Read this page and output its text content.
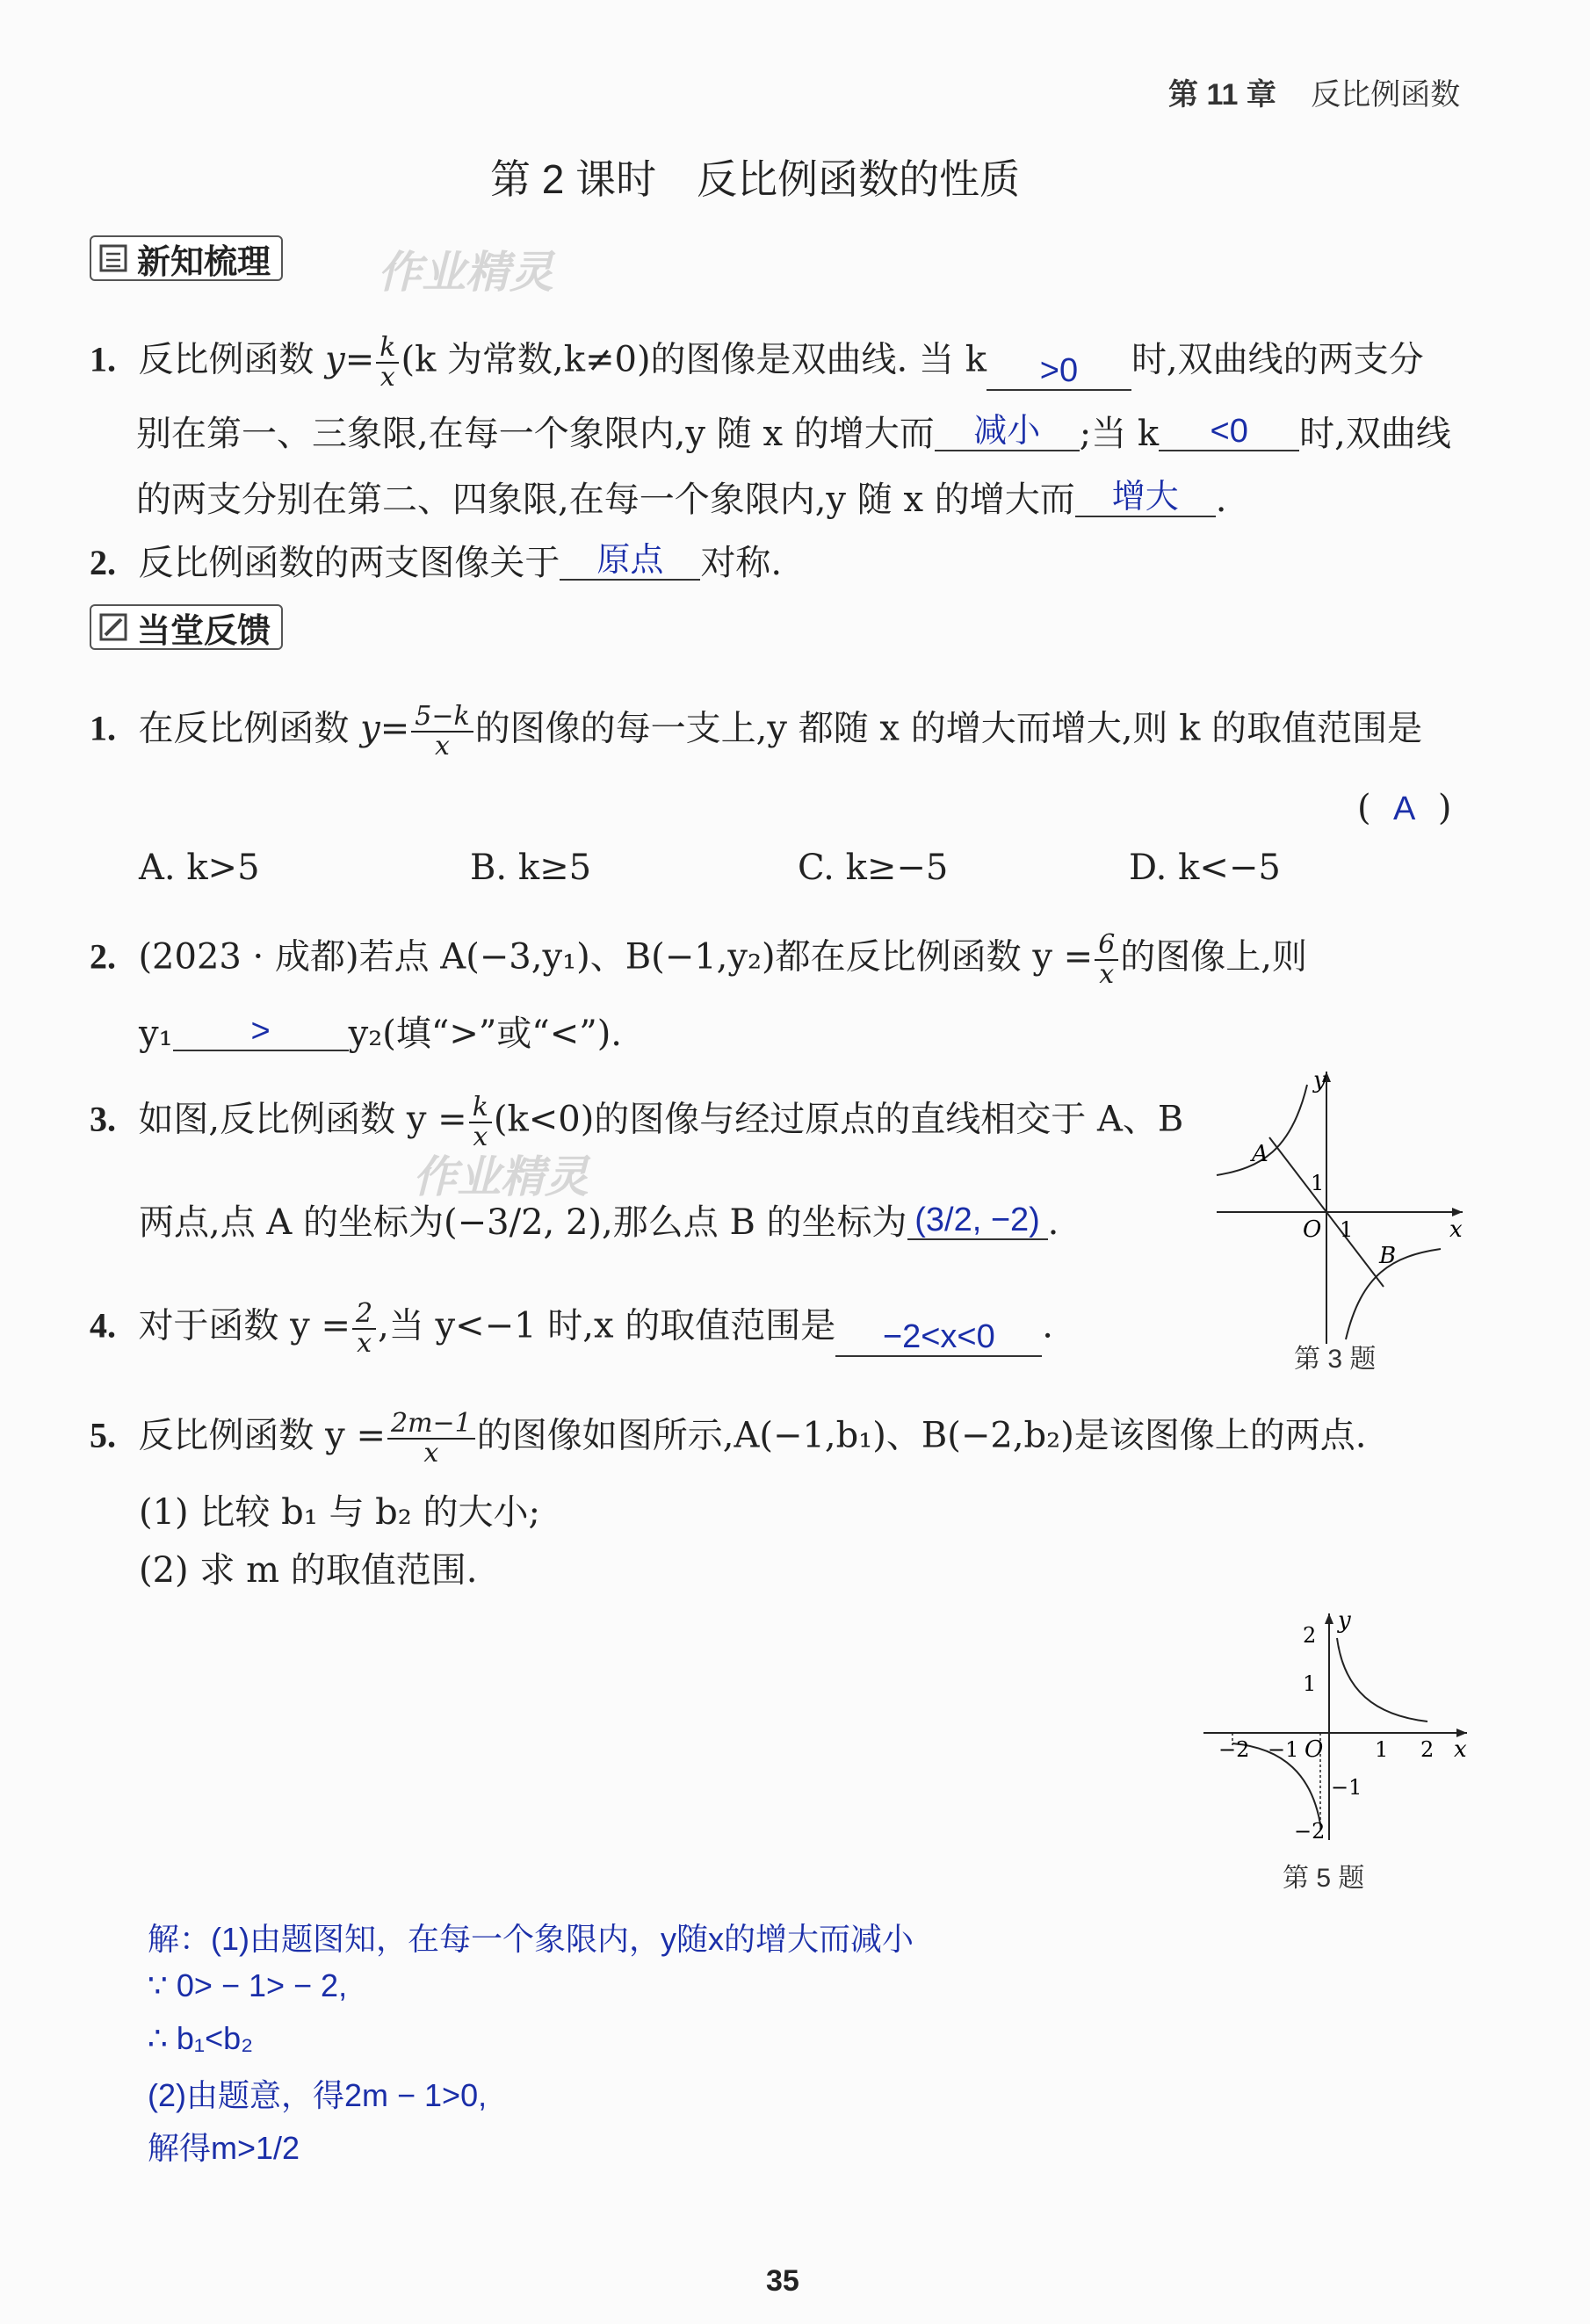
第 11 章 反比例函数
第 2 课时　反比例函数的性质
新知梳理 作业精灵
1. 反比例函数 $y= \frac{k}{x} (k$ 为常数,k≠0)的图像是双曲线. 当 k >0 时,双曲线的两支分
别在第一、三象限,在每一个象限内,y 随 x 的增大而 减小 ;当 k <0 时,双曲线
的两支分别在第二、四象限,在每一个象限内,y 随 x 的增大而 增大 .
2. 反比例函数的两支图像关于 原点 对称.
当堂反馈
1. 在反比例函数 $y= \frac{5-k}{x}$ 的图像的每一支上,y 都随 x 的增大而增大,则 k 的取值范围是
(  A  )
A. k>5	B. k≥5	C. k≥−5	D. k<−5
2. (2023 · 成都)若点 A(−3,y₁)、B(−1,y₂)都在反比例函数 $y = \frac{6}{x}$ 的图像上,则
y₁ > y₂(填“>”或“<”).
3. 如图,反比例函数 $y = \frac{k}{x} (k<0)$的图像与经过原点的直线相交于 A、B
两点,点 A 的坐标为(−3/2, 2),那么点 B 的坐标为 (3/2, −2) .
作业精灵
y
x
O 1
1
A
B
第 3 题
4. 对于函数 $y = \frac{2}{x}$ ,当 y<−1 时,x 的取值范围是 −2<x<0 .
5. 反比例函数 $y = \frac{2m-1}{x}$ 的图像如图所示,A(−1,b₁)、B(−2,b₂)是该图像上的两点.
(1) 比较 b₁ 与 b₂ 的大小;
(2) 求 m 的取值范围.
y
x
2
1
−1
−2
−2 −1 O 1 2
第 5 题
解：(1)由题图知，在每一个象限内，y随x的增大而减小
∵ 0> − 1> − 2,
∴ b₁<b₂
(2)由题意，得2m − 1>0,
解得m>1/2
35
